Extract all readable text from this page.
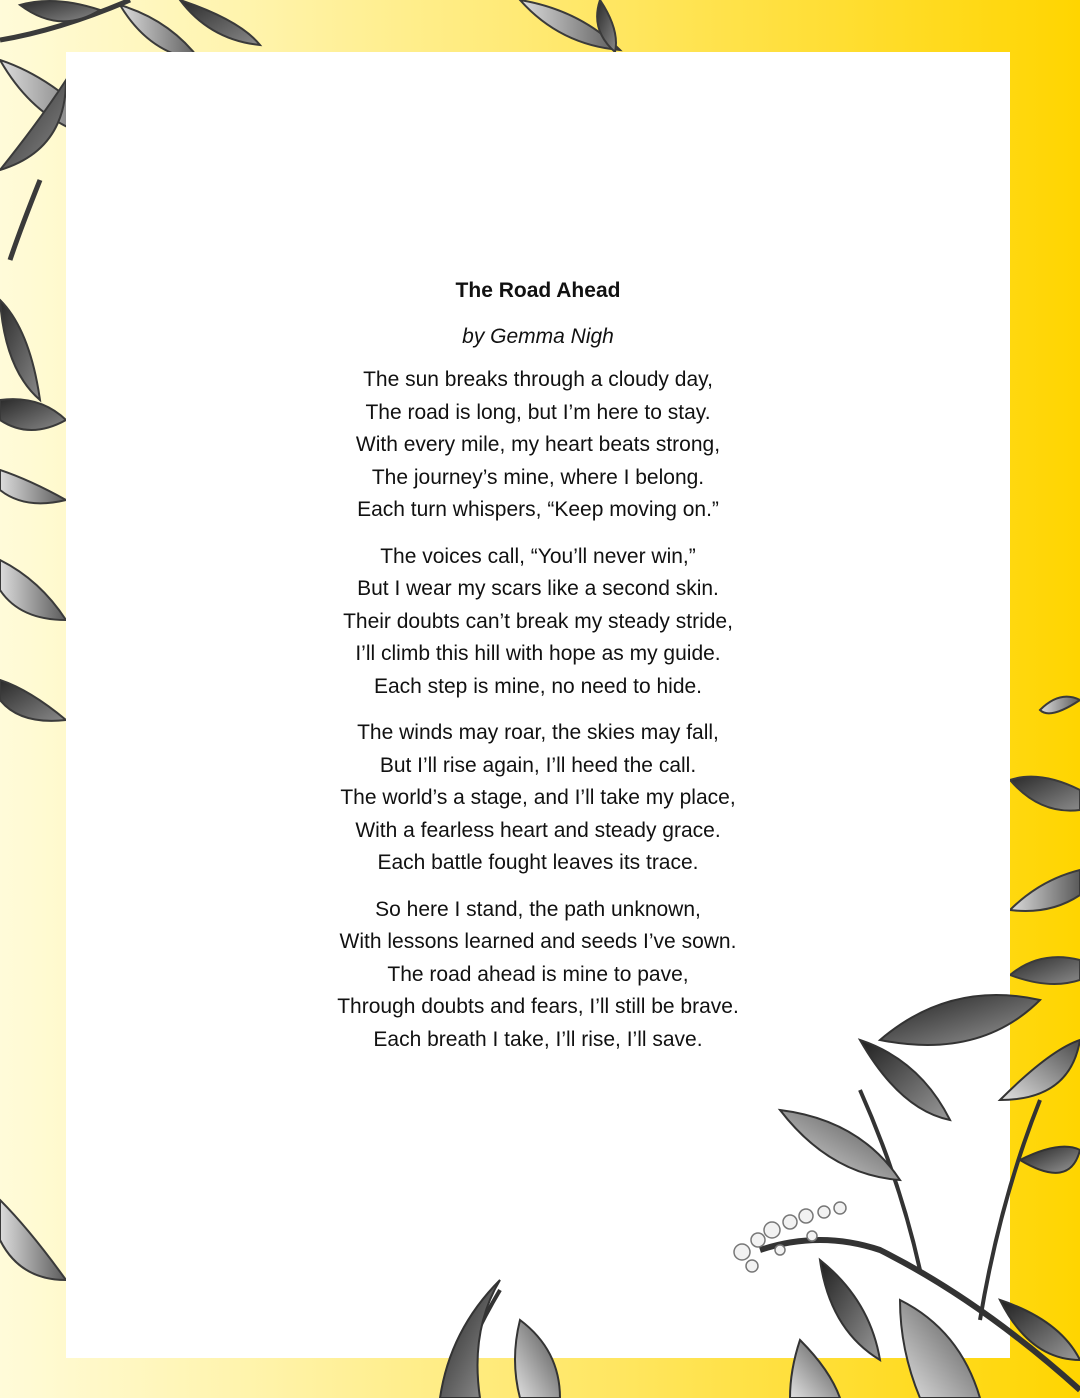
The Road Ahead

by Gemma Nigh

The sun breaks through a cloudy day,
The road is long, but I’m here to stay.
With every mile, my heart beats strong,
The journey’s mine, where I belong.
Each turn whispers, “Keep moving on.”
The voices call, “You’ll never win,”
But I wear my scars like a second skin.
Their doubts can’t break my steady stride,
I’ll climb this hill with hope as my guide.
Each step is mine, no need to hide.
The winds may roar, the skies may fall,
But I’ll rise again, I’ll heed the call.
The world’s a stage, and I’ll take my place,
With a fearless heart and steady grace.
Each battle fought leaves its trace.
So here I stand, the path unknown,
With lessons learned and seeds I’ve sown.
The road ahead is mine to pave,
Through doubts and fears, I’ll still be brave.
Each breath I take, I’ll rise, I’ll save.
